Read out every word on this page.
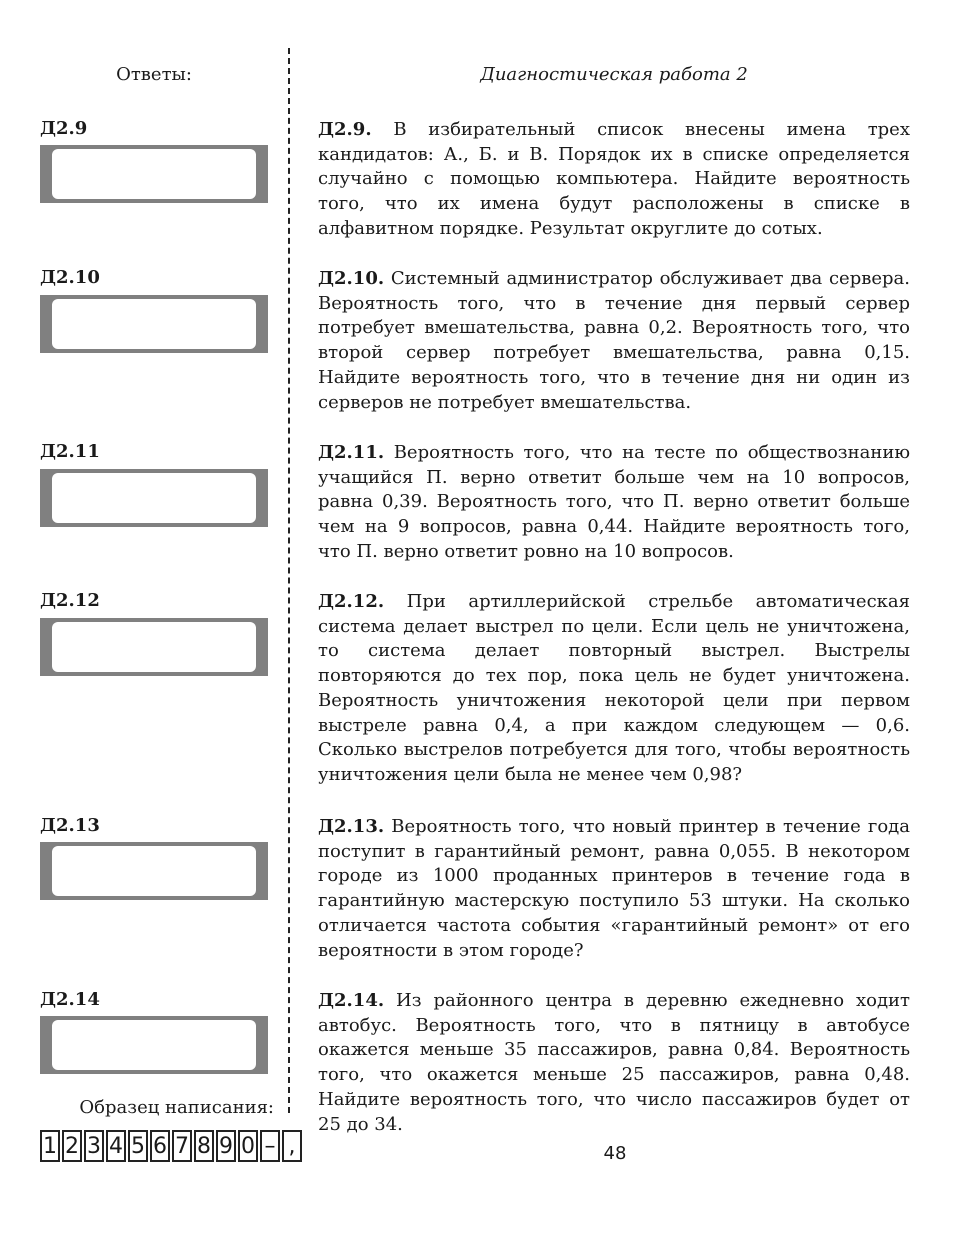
Ответы:	Диагностическая работа 2
Д2.9
Д2.10
Д2.11
Д2.12
Д2.13
Д2.14
Д2.9. В избирательный список внесены имена трех кандидатов: А., Б. и В. Порядок их в списке определяется случайно с помощью компьютера. Найдите вероятность того, что их имена будут расположены в списке в алфавитном порядке. Результат округлите до сотых.
Д2.10. Системный администратор обслуживает два сервера. Вероятность того, что в течение дня первый сервер потребует вмешательства, равна 0,2. Вероятность того, что второй сервер потребует вмешательства, равна 0,15. Найдите вероятность того, что в течение дня ни один из серверов не потребует вмешательства.
Д2.11. Вероятность того, что на тесте по обществознанию учащийся П. верно ответит больше чем на 10 вопросов, равна 0,39. Вероятность того, что П. верно ответит больше чем на 9 вопросов, равна 0,44. Найдите вероятность того, что П. верно ответит ровно на 10 вопросов.
Д2.12. При артиллерийской стрельбе автоматическая система делает выстрел по цели. Если цель не уничтожена, то система делает повторный выстрел. Выстрелы повторяются до тех пор, пока цель не будет уничтожена. Вероятность уничтожения некоторой цели при первом выстреле равна 0,4, а при каждом следующем — 0,6. Сколько выстрелов потребуется для того, чтобы вероятность уничтожения цели была не менее чем 0,98?
Д2.13. Вероятность того, что новый принтер в течение года поступит в гарантийный ремонт, равна 0,055. В некотором городе из 1000 проданных принтеров в течение года в гарантийную мастерскую поступило 53 штуки. На сколько отличается частота события «гарантийный ремонт» от его вероятности в этом городе?
Д2.14. Из районного центра в деревню ежедневно ходит автобус. Вероятность того, что в пятницу в автобусе окажется меньше 35 пассажиров, равна 0,84. Вероятность того, что окажется меньше 25 пассажиров, равна 0,48. Найдите вероятность того, что число пассажиров будет от 25 до 34.
Образец написания:
1 2 3 4 5 6 7 8 9 0 – ,	48
